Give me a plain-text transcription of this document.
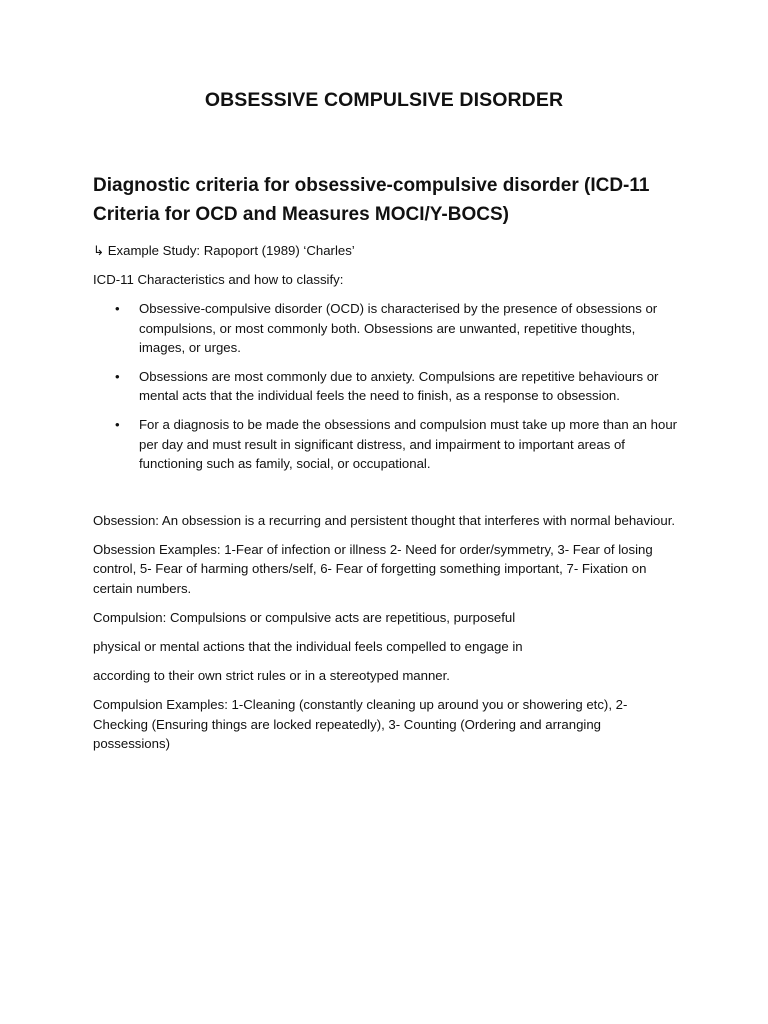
OBSESSIVE COMPULSIVE DISORDER
Diagnostic criteria for obsessive-compulsive disorder (ICD-11 Criteria for OCD and Measures MOCI/Y-BOCS)

↳ Example Study: Rapoport (1989) ‘Charles’

ICD-11 Characteristics and how to classify:

• Obsessive-compulsive disorder (OCD) is characterised by the presence of obsessions or compulsions, or most commonly both. Obsessions are unwanted, repetitive thoughts, images, or urges.
• Obsessions are most commonly due to anxiety. Compulsions are repetitive behaviours or mental acts that the individual feels the need to finish, as a response to obsession.
• For a diagnosis to be made the obsessions and compulsion must take up more than an hour per day and must result in significant distress, and impairment to important areas of functioning such as family, social, or occupational.

Obsession: An obsession is a recurring and persistent thought that interferes with normal behaviour.

Obsession Examples: 1-Fear of infection or illness 2- Need for order/symmetry, 3- Fear of losing control, 5- Fear of harming others/self, 6- Fear of forgetting something important, 7- Fixation on certain numbers.

Compulsion: Compulsions or compulsive acts are repetitious, purposeful

physical or mental actions that the individual feels compelled to engage in

according to their own strict rules or in a stereotyped manner.

Compulsion Examples: 1-Cleaning (constantly cleaning up around you or showering etc), 2- Checking (Ensuring things are locked repeatedly), 3- Counting (Ordering and arranging possessions)
